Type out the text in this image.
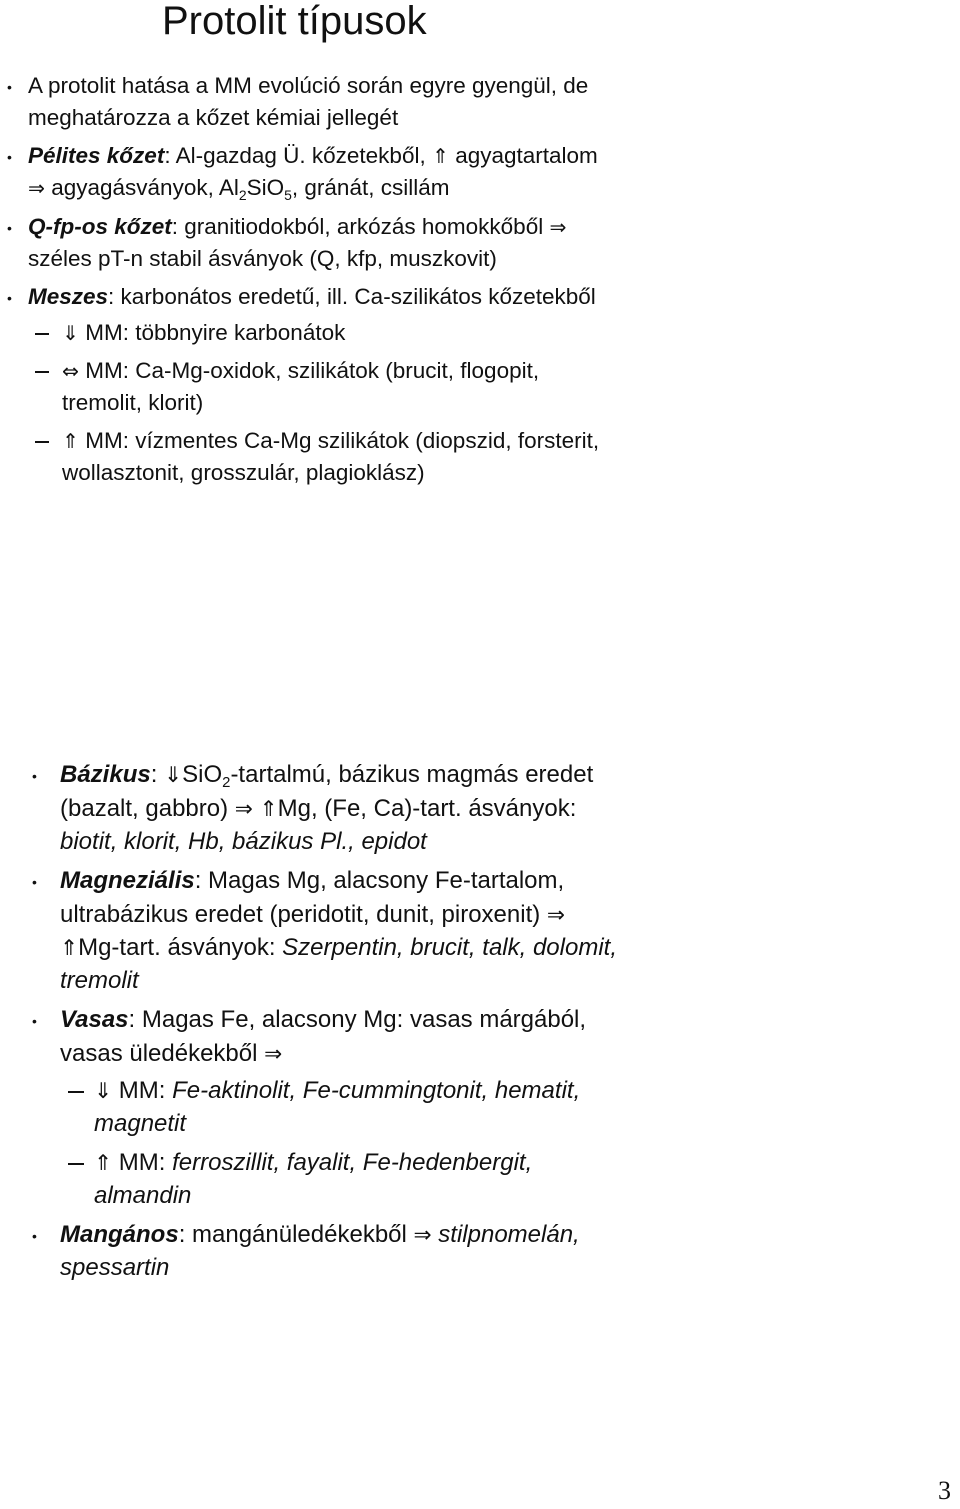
Protolit típusok
• A protolit hatása a MM evolúció során egyre gyengül, de
meghatározza a kőzet kémiai jellegét
• Pélites kőzet: Al-gazdag Ü. kőzetekből, ⇑ agyagtartalom
⇒ agyagásványok, $Al_2SiO_5$, gránát, csillám
• Q-fp-os kőzet: granitiodokból, arkózás homokkőből ⇒
széles pT-n stabil ásványok (Q, kfp, muszkovit)
• Meszes: karbonátos eredetű, ill. Ca-szilikátos kőzetekből
⇓ MM: többnyire karbonátok
⇔ MM: Ca-Mg-oxidok, szilikátok (brucit, flogopit,
tremolit, klorit)
⇑ MM: vízmentes Ca-Mg szilikátok (diopszid, forsterit,
wollasztonit, grosszulár, plagioklász)
• Bázikus: ⇓SiO$_2$-tartalmú, bázikus magmás eredet
(bazalt, gabbro) ⇒ ⇑Mg, (Fe, Ca)-tart. ásványok:
biotit, klorit, Hb, bázikus Pl., epidot
• Magneziális: Magas Mg, alacsony Fe-tartalom,
ultrabázikus eredet (peridotit, dunit, piroxenit) ⇒
⇑Mg-tart. ásványok: Szerpentin, brucit, talk, dolomit,
tremolit
• Vasas: Magas Fe, alacsony Mg: vasas márgából,
vasas üledékekből ⇒
⇓ MM: Fe-aktinolit, Fe-cummingtonit, hematit,
magnetit
⇑ MM: ferroszillit, fayalit, Fe-hedenbergit,
almandin
• Mangános: mangánüledékekből ⇒ stilpnomelán,
spessartin
3
